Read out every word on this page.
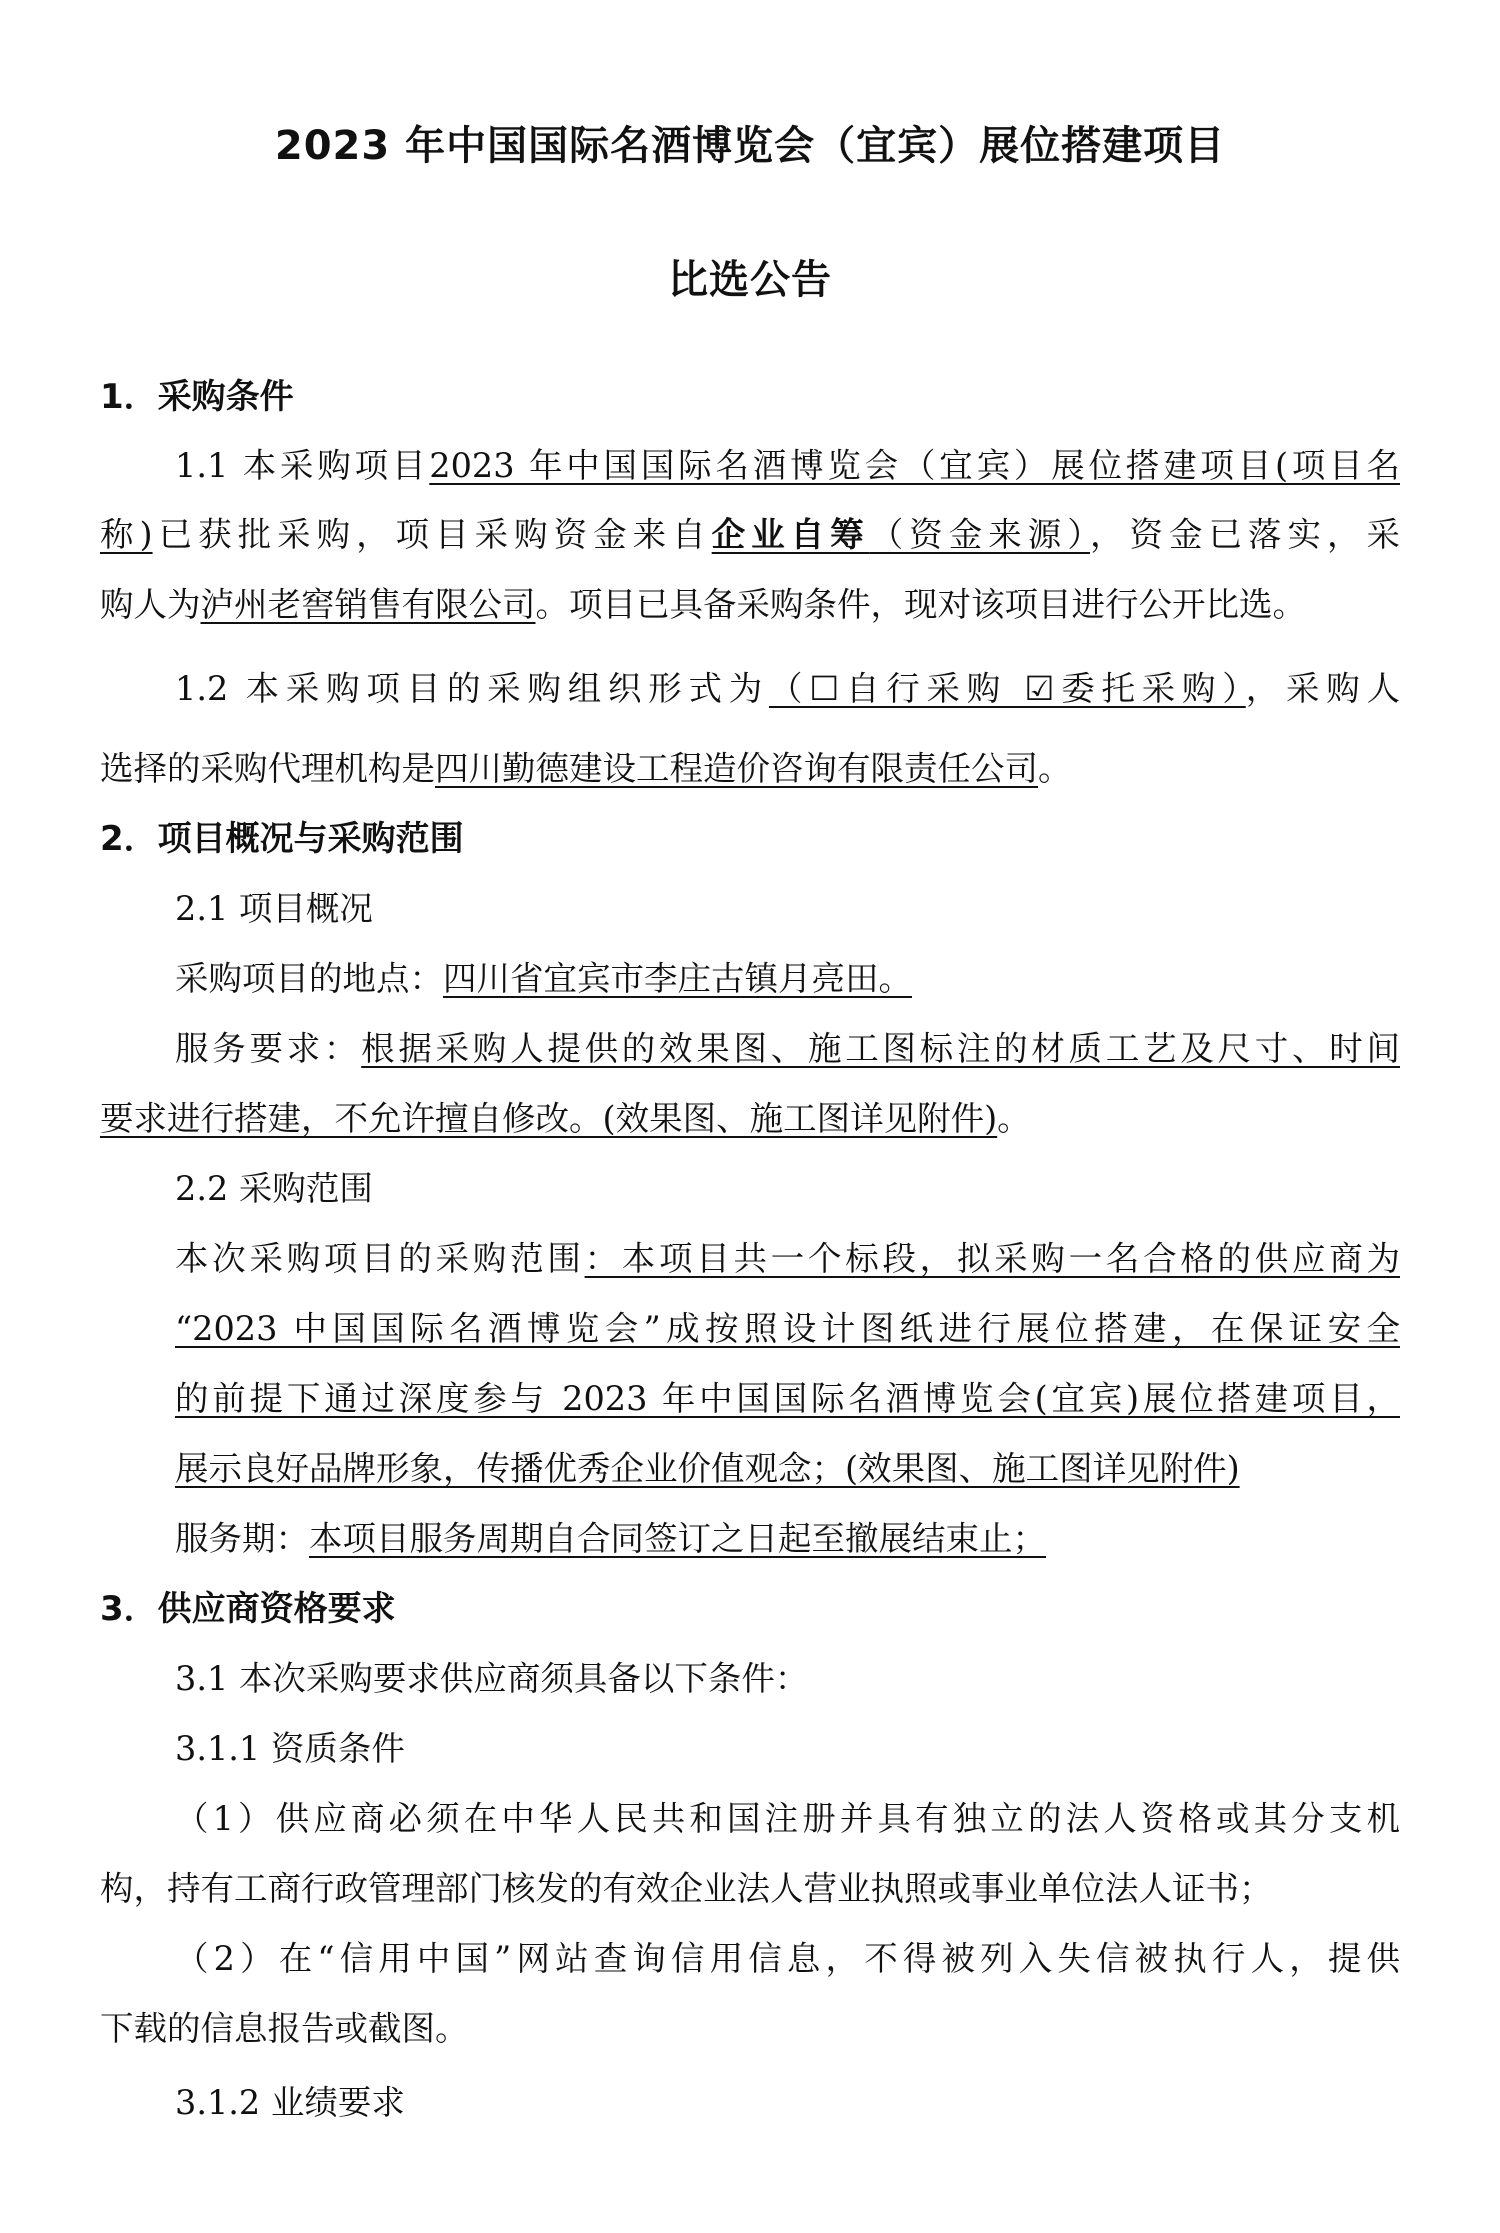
2023 年中国国际名酒博览会（宜宾）展位搭建项目
比选公告
1．采购条件
1.1 本采购项目2023 年中国国际名酒博览会（宜宾）展位搭建项目(项目名
称)已获批采购，项目采购资金来自企业自筹（资金来源），资金已落实，采
购人为泸州老窖销售有限公司。项目已具备采购条件，现对该项目进行公开比选。
1.2 本采购项目的采购组织形式为（☐自行采购 ☑委托采购），采购人
选择的采购代理机构是四川勤德建设工程造价咨询有限责任公司。
2．项目概况与采购范围
2.1 项目概况
采购项目的地点：四川省宜宾市李庄古镇月亮田。
服务要求：根据采购人提供的效果图、施工图标注的材质工艺及尺寸、时间
要求进行搭建，不允许擅自修改。(效果图、施工图详见附件)。
2.2 采购范围
本次采购项目的采购范围：本项目共一个标段，拟采购一名合格的供应商为
“2023 中国国际名酒博览会”成按照设计图纸进行展位搭建，在保证安全
的前提下通过深度参与 2023 年中国国际名酒博览会(宜宾)展位搭建项目，
展示良好品牌形象，传播优秀企业价值观念；(效果图、施工图详见附件)
服务期：本项目服务周期自合同签订之日起至撤展结束止；
3．供应商资格要求
3.1 本次采购要求供应商须具备以下条件：
3.1.1 资质条件
（1）供应商必须在中华人民共和国注册并具有独立的法人资格或其分支机
构，持有工商行政管理部门核发的有效企业法人营业执照或事业单位法人证书；
（2）在“信用中国”网站查询信用信息，不得被列入失信被执行人，提供
下载的信息报告或截图。
3.1.2 业绩要求
